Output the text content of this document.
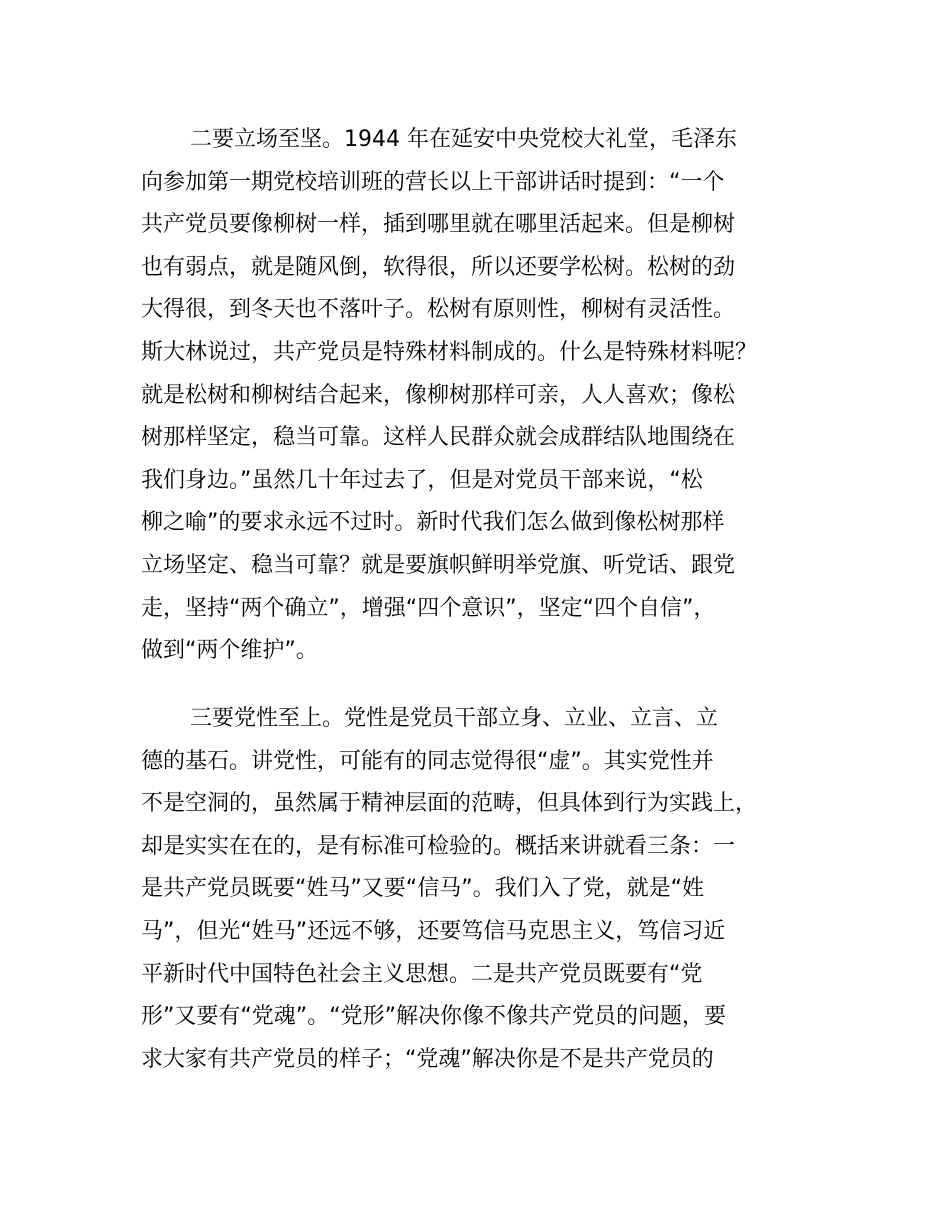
二要立场至坚。1944 年在延安中央党校大礼堂，毛泽东
向参加第一期党校培训班的营长以上干部讲话时提到：“一个
共产党员要像柳树一样，插到哪里就在哪里活起来。但是柳树
也有弱点，就是随风倒，软得很，所以还要学松树。松树的劲
大得很，到冬天也不落叶子。松树有原则性，柳树有灵活性。
斯大林说过，共产党员是特殊材料制成的。什么是特殊材料呢？
就是松树和柳树结合起来，像柳树那样可亲，人人喜欢；像松
树那样坚定，稳当可靠。这样人民群众就会成群结队地围绕在
我们身边。”虽然几十年过去了，但是对党员干部来说，“松
柳之喻”的要求永远不过时。新时代我们怎么做到像松树那样
立场坚定、稳当可靠？就是要旗帜鲜明举党旗、听党话、跟党
走，坚持“两个确立”，增强“四个意识”，坚定“四个自信”，
做到“两个维护”。
三要党性至上。党性是党员干部立身、立业、立言、立
德的基石。讲党性，可能有的同志觉得很“虚”。其实党性并
不是空洞的，虽然属于精神层面的范畴，但具体到行为实践上，
却是实实在在的，是有标准可检验的。概括来讲就看三条：一
是共产党员既要“姓马”又要“信马”。我们入了党，就是“姓
马”，但光“姓马”还远不够，还要笃信马克思主义，笃信习近
平新时代中国特色社会主义思想。二是共产党员既要有“党
形”又要有“党魂”。“党形”解决你像不像共产党员的问题，要
求大家有共产党员的样子；“党魂”解决你是不是共产党员的
